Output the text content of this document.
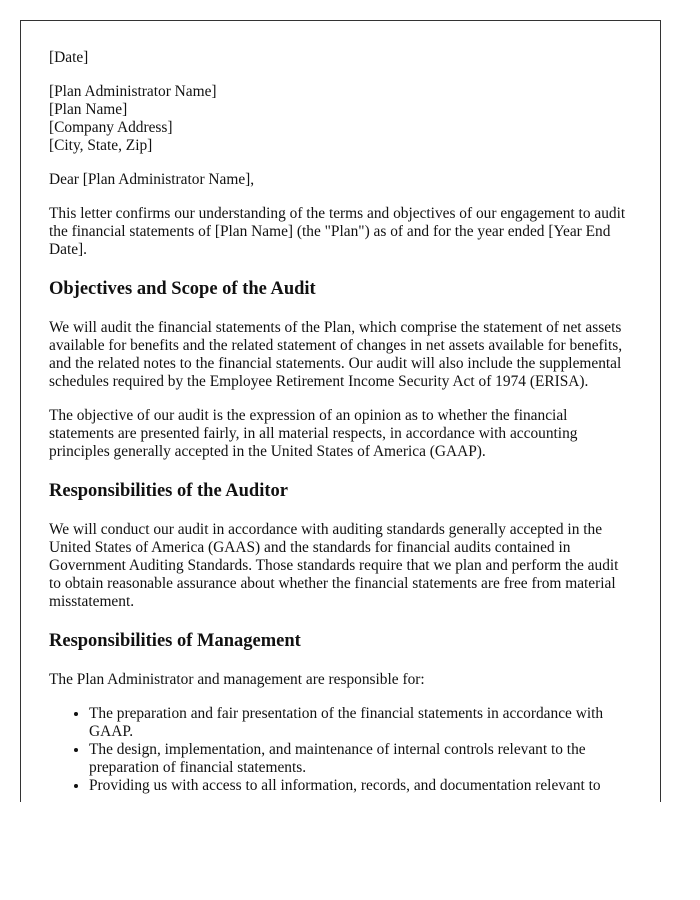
[Date]

[Plan Administrator Name]

[Plan Name]

[Company Address]

[City, State, Zip]

Dear [Plan Administrator Name],

This letter confirms our understanding of the terms and objectives of our engagement to audit the financial statements of [Plan Name] (the "Plan") as of and for the year ended [Year End Date].

Objectives and Scope of the Audit

We will audit the financial statements of the Plan, which comprise the statement of net assets available for benefits and the related statement of changes in net assets available for benefits, and the related notes to the financial statements. Our audit will also include the supplemental schedules required by the Employee Retirement Income Security Act of 1974 (ERISA).

The objective of our audit is the expression of an opinion as to whether the financial statements are presented fairly, in all material respects, in accordance with accounting principles generally accepted in the United States of America (GAAP).

Responsibilities of the Auditor

We will conduct our audit in accordance with auditing standards generally accepted in the United States of America (GAAS) and the standards for financial audits contained in Government Auditing Standards. Those standards require that we plan and perform the audit to obtain reasonable assurance about whether the financial statements are free from material misstatement.

Responsibilities of Management

The Plan Administrator and management are responsible for:

• The preparation and fair presentation of the financial statements in accordance with GAAP.
• The design, implementation, and maintenance of internal controls relevant to the preparation of financial statements.
• Providing us with access to all information, records, and documentation relevant to
